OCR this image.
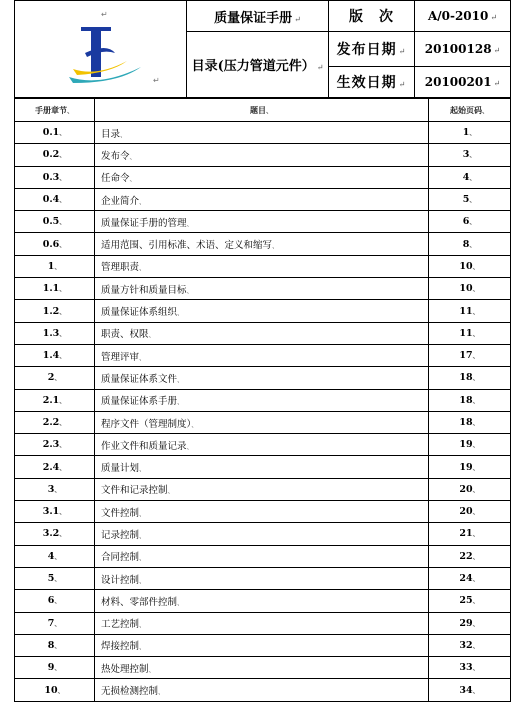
↵
↵	质量保证手册 ↵	版　次	A/0-2010 ↵
	目录(压力管道元件） ↵	发布日期 ↵	20100128 ↵
		生效日期 ↵	20100201 ↵
手册章节、	题目、	起始页码、
0.1、	目录、	1、
0.2、	发布令、	3、
0.3、	任命令、	4、
0.4、	企业简介、	5、
0.5、	质量保证手册的管理、	6、
0.6、	适用范围、引用标准、术语、定义和缩写、	8、
1、	管理职责、	10、
1.1、	质量方针和质量目标、	10、
1.2、	质量保证体系组织、	11、
1.3、	职责、权限、	11、
1.4、	管理评审、	17、
2、	质量保证体系文件、	18、
2.1、	质量保证体系手册、	18、
2.2、	程序文件（管理制度）、	18、
2.3、	作业文件和质量记录、	19、
2.4、	质量计划、	19、
3、	文件和记录控制、	20、
3.1、	文件控制、	20、
3.2、	记录控制、	21、
4、	合同控制、	22、
5、	设计控制、	24、
6、	材料、零部件控制、	25、
7、	工艺控制、	29、
8、	焊接控制、	32、
9、	热处理控制、	33、
10、	无损检测控制、	34、
